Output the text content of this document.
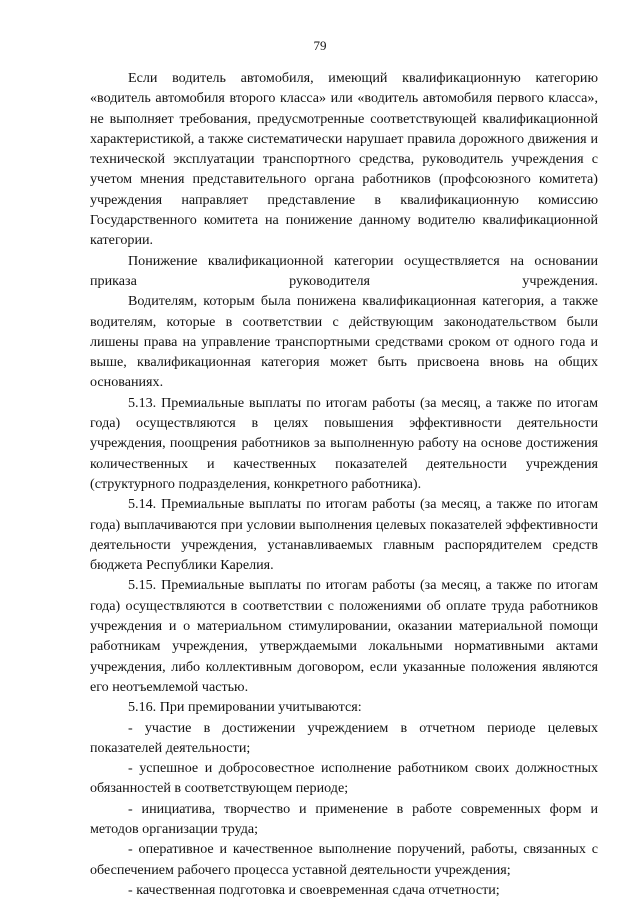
79

Если водитель автомобиля, имеющий квалификационную категорию «водитель автомобиля второго класса» или «водитель автомобиля первого класса», не выполняет требования, предусмотренные соответствующей квалификационной характеристикой, а также систематически нарушает правила дорожного движения и технической эксплуатации транспортного средства, руководитель учреждения с учетом мнения представительного органа работников (профсоюзного комитета) учреждения направляет представление в квалификационную комиссию Государственного комитета на понижение данному водителю квалификационной категории.

Понижение квалификационной категории осуществляется на основании приказа руководителя учреждения.

Водителям, которым была понижена квалификационная категория, а также водителям, которые в соответствии с действующим законодательством были лишены права на управление транспортными средствами сроком от одного года и выше, квалификационная категория может быть присвоена вновь на общих основаниях.

5.13. Премиальные выплаты по итогам работы (за месяц, а также по итогам года) осуществляются в целях повышения эффективности деятельности учреждения, поощрения работников за выполненную работу на основе достижения количественных и качественных показателей деятельности учреждения (структурного подразделения, конкретного работника).

5.14. Премиальные выплаты по итогам работы (за месяц, а также по итогам года) выплачиваются при условии выполнения целевых показателей эффективности деятельности учреждения, устанавливаемых главным распорядителем средств бюджета Республики Карелия.

5.15. Премиальные выплаты по итогам работы (за месяц, а также по итогам года) осуществляются в соответствии с положениями об оплате труда работников учреждения и о материальном стимулировании, оказании материальной помощи работникам учреждения, утверждаемыми локальными нормативными актами учреждения, либо коллективным договором, если указанные положения являются его неотъемлемой частью.

5.16. При премировании учитываются:

- участие в достижении учреждением в отчетном периоде целевых показателей деятельности;

- успешное и добросовестное исполнение работником своих должностных обязанностей в соответствующем периоде;

- инициатива, творчество и применение в работе современных форм и методов организации труда;

- оперативное и качественное выполнение поручений, работы, связанных с обеспечением рабочего процесса уставной деятельности учреждения;

- качественная подготовка и своевременная сдача отчетности;
